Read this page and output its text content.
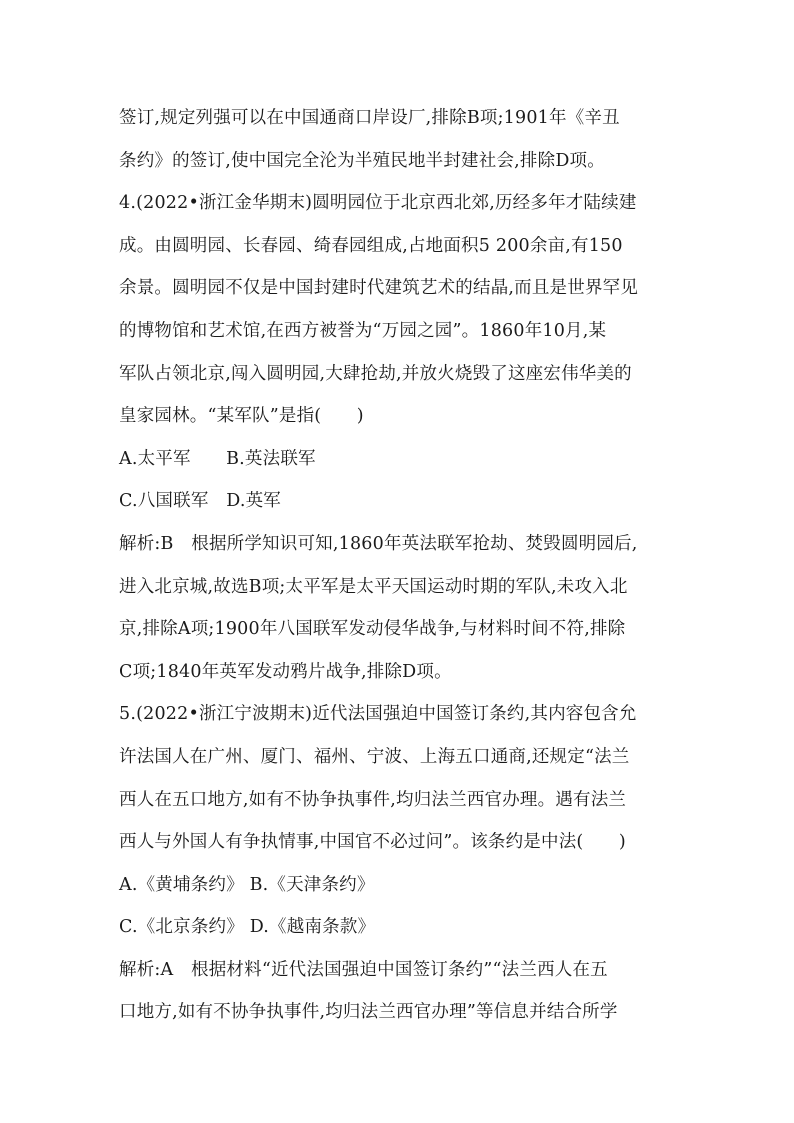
签订,规定列强可以在中国通商口岸设厂,排除B项;1901年《辛丑
条约》的签订,使中国完全沦为半殖民地半封建社会,排除D项。
4.(2022•浙江金华期末)圆明园位于北京西北郊,历经多年才陆续建
成。由圆明园、长春园、绮春园组成,占地面积5 200余亩,有150
余景。圆明园不仅是中国封建时代建筑艺术的结晶,而且是世界罕见
的博物馆和艺术馆,在西方被誉为“万园之园”。1860年10月,某
军队占领北京,闯入圆明园,大肆抢劫,并放火烧毁了这座宏伟华美的
皇家园林。“某军队”是指(　　)
A.太平军　　B.英法联军
C.八国联军　D.英军
解析:B　根据所学知识可知,1860年英法联军抢劫、焚毁圆明园后,
进入北京城,故选B项;太平军是太平天国运动时期的军队,未攻入北
京,排除A项;1900年八国联军发动侵华战争,与材料时间不符,排除
C项;1840年英军发动鸦片战争,排除D项。
5.(2022•浙江宁波期末)近代法国强迫中国签订条约,其内容包含允
许法国人在广州、厦门、福州、宁波、上海五口通商,还规定“法兰
西人在五口地方,如有不协争执事件,均归法兰西官办理。遇有法兰
西人与外国人有争执情事,中国官不必过问”。该条约是中法(　　)
A.《黄埔条约》 B.《天津条约》
C.《北京条约》 D.《越南条款》
解析:A　根据材料“近代法国强迫中国签订条约”“法兰西人在五
口地方,如有不协争执事件,均归法兰西官办理”等信息并结合所学
